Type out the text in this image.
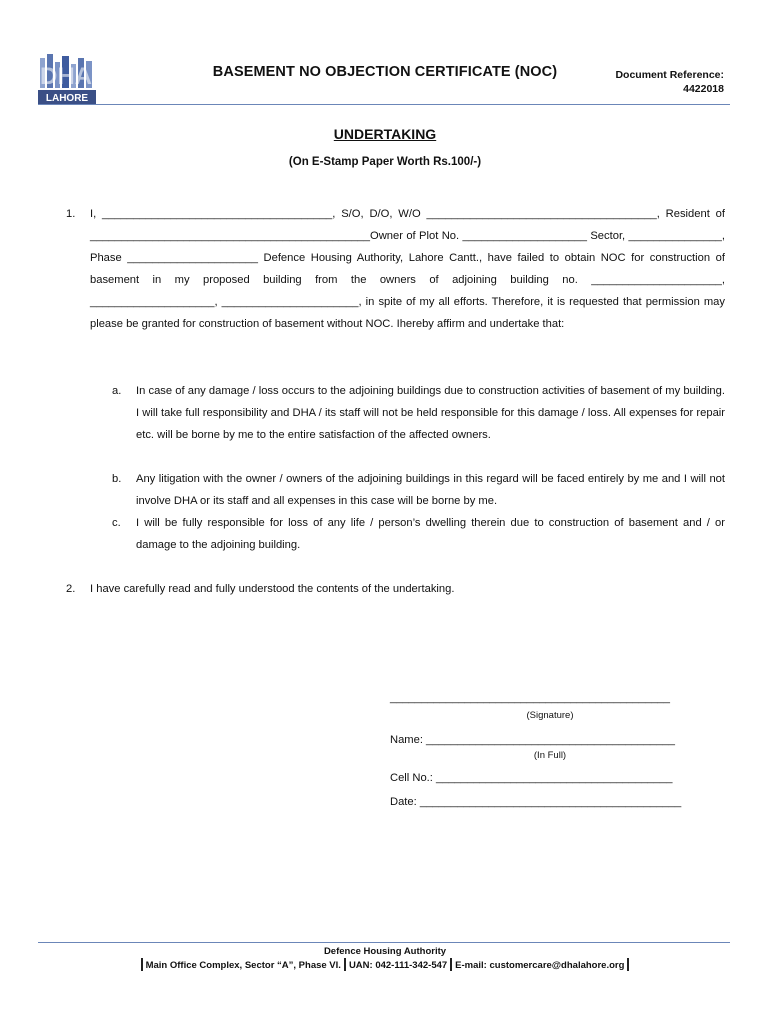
DHA
LAHORE
BASEMENT NO OBJECTION CERTIFICATE (NOC)	Document Reference:
4422018
UNDERTAKING
(On E-Stamp Paper Worth Rs.100/-)
1. I, _____________________________________, S/O, D/O, W/O _____________________________________, Resident of _____________________________________________Owner of Plot No. ____________________ Sector, _______________, Phase _____________________ Defence Housing Authority, Lahore Cantt., have failed to obtain NOC for construction of basement in my proposed building from the owners of adjoining building no. _____________________, ____________________, ______________________, in spite of my all efforts. Therefore, it is requested that permission may please be granted for construction of basement without NOC. Ihereby affirm and undertake that:
a. In case of any damage / loss occurs to the adjoining buildings due to construction activities of basement of my building. I will take full responsibility and DHA / its staff will not be held responsible for this damage / loss. All expenses for repair etc. will be borne by me to the entire satisfaction of the affected owners.
b. Any litigation with the owner / owners of the adjoining buildings in this regard will be faced entirely by me and I will not involve DHA or its staff and all expenses in this case will be borne by me.
c. I will be fully responsible for loss of any life / person’s dwelling therein due to construction of basement and / or damage to the adjoining building.
2. I have carefully read and fully understood the contents of the undertaking.
_____________________________________________
(Signature)
Name: ________________________________________
(In Full)
Cell No.: ______________________________________
Date: __________________________________________
Defence Housing Authority
Main Office Complex, Sector “A”, Phase VI. UAN: 042-111-342-547 E-mail: customercare@dhalahore.org
